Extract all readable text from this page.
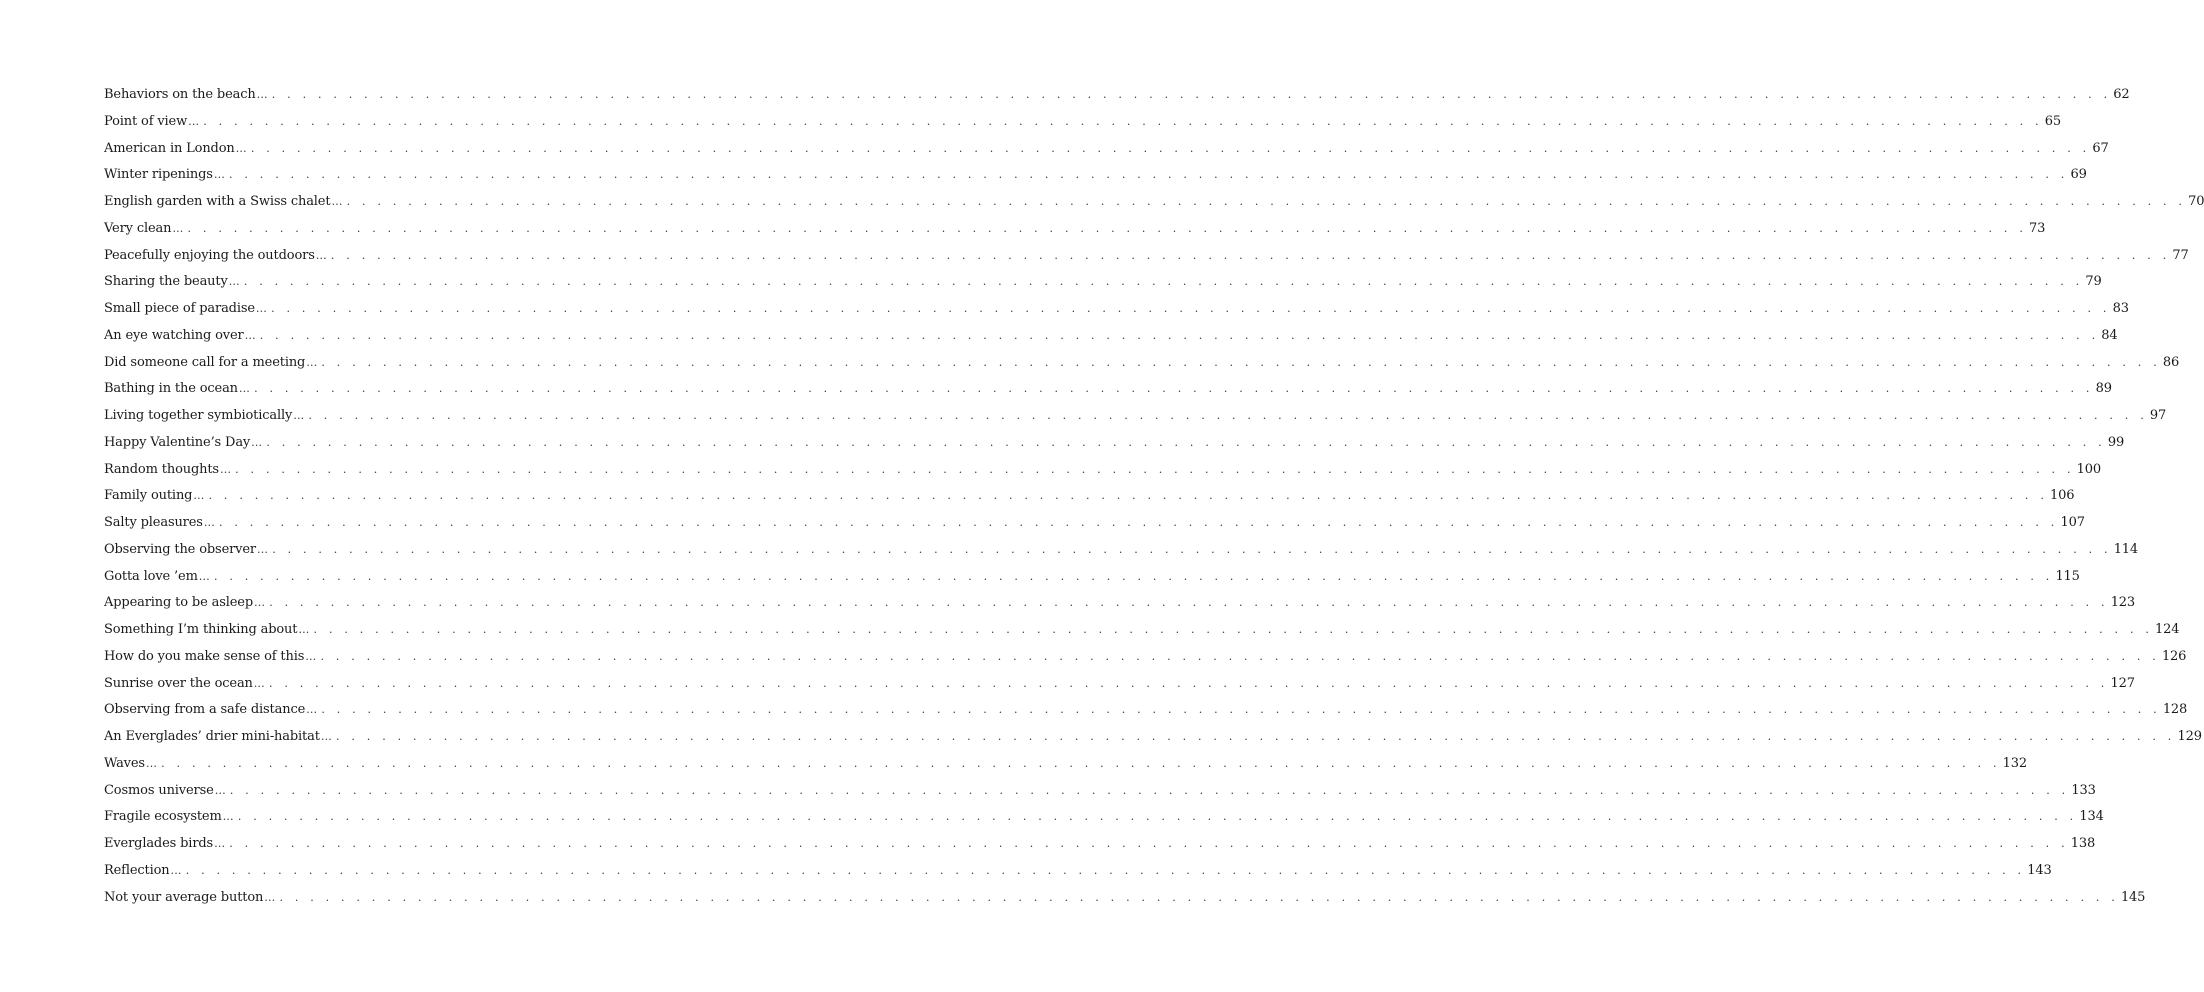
Behaviors on the beach …. . . . . . . . . . . . . . . . . . . . . . . . . . . . . . . . . . . . . . . . . . . . . . . . . . . . . . . . . . . . . . . . . . . . . . . . . . . . . . . . . . . . . . . . . . . . . . . . . . . . . . . . . . . . . . . . . . . . . . . . 62
Point of view …. . . . . . . . . . . . . . . . . . . . . . . . . . . . . . . . . . . . . . . . . . . . . . . . . . . . . . . . . . . . . . . . . . . . . . . . . . . . . . . . . . . . . . . . . . . . . . . . . . . . . . . . . . . . . . . . . . . . . . . . 65
American in London …. . . . . . . . . . . . . . . . . . . . . . . . . . . . . . . . . . . . . . . . . . . . . . . . . . . . . . . . . . . . . . . . . . . . . . . . . . . . . . . . . . . . . . . . . . . . . . . . . . . . . . . . . . . . . . . . . . . . . . . . 67
Winter ripenings …. . . . . . . . . . . . . . . . . . . . . . . . . . . . . . . . . . . . . . . . . . . . . . . . . . . . . . . . . . . . . . . . . . . . . . . . . . . . . . . . . . . . . . . . . . . . . . . . . . . . . . . . . . . . . . . . . . . . . . . . 69
English garden with a Swiss chalet …. . . . . . . . . . . . . . . . . . . . . . . . . . . . . . . . . . . . . . . . . . . . . . . . . . . . . . . . . . . . . . . . . . . . . . . . . . . . . . . . . . . . . . . . . . . . . . . . . . . . . . . . . . . . . . . . . . . . . . . . 70
Very clean …. . . . . . . . . . . . . . . . . . . . . . . . . . . . . . . . . . . . . . . . . . . . . . . . . . . . . . . . . . . . . . . . . . . . . . . . . . . . . . . . . . . . . . . . . . . . . . . . . . . . . . . . . . . . . . . . . . . . . . . . 73
Peacefully enjoying the outdoors …. . . . . . . . . . . . . . . . . . . . . . . . . . . . . . . . . . . . . . . . . . . . . . . . . . . . . . . . . . . . . . . . . . . . . . . . . . . . . . . . . . . . . . . . . . . . . . . . . . . . . . . . . . . . . . . . . . . . . . . . 77
Sharing the beauty …. . . . . . . . . . . . . . . . . . . . . . . . . . . . . . . . . . . . . . . . . . . . . . . . . . . . . . . . . . . . . . . . . . . . . . . . . . . . . . . . . . . . . . . . . . . . . . . . . . . . . . . . . . . . . . . . . . . . . . . . 79
Small piece of paradise …. . . . . . . . . . . . . . . . . . . . . . . . . . . . . . . . . . . . . . . . . . . . . . . . . . . . . . . . . . . . . . . . . . . . . . . . . . . . . . . . . . . . . . . . . . . . . . . . . . . . . . . . . . . . . . . . . . . . . . . . 83
An eye watching over …. . . . . . . . . . . . . . . . . . . . . . . . . . . . . . . . . . . . . . . . . . . . . . . . . . . . . . . . . . . . . . . . . . . . . . . . . . . . . . . . . . . . . . . . . . . . . . . . . . . . . . . . . . . . . . . . . . . . . . . . 84
Did someone call for a meeting …. . . . . . . . . . . . . . . . . . . . . . . . . . . . . . . . . . . . . . . . . . . . . . . . . . . . . . . . . . . . . . . . . . . . . . . . . . . . . . . . . . . . . . . . . . . . . . . . . . . . . . . . . . . . . . . . . . . . . . . . 86
Bathing in the ocean …. . . . . . . . . . . . . . . . . . . . . . . . . . . . . . . . . . . . . . . . . . . . . . . . . . . . . . . . . . . . . . . . . . . . . . . . . . . . . . . . . . . . . . . . . . . . . . . . . . . . . . . . . . . . . . . . . . . . . . . . 89
Living together symbiotically …. . . . . . . . . . . . . . . . . . . . . . . . . . . . . . . . . . . . . . . . . . . . . . . . . . . . . . . . . . . . . . . . . . . . . . . . . . . . . . . . . . . . . . . . . . . . . . . . . . . . . . . . . . . . . . . . . . . . . . . . 97
Happy Valentine’s Day …. . . . . . . . . . . . . . . . . . . . . . . . . . . . . . . . . . . . . . . . . . . . . . . . . . . . . . . . . . . . . . . . . . . . . . . . . . . . . . . . . . . . . . . . . . . . . . . . . . . . . . . . . . . . . . . . . . . . . . . . 99
Random thoughts …. . . . . . . . . . . . . . . . . . . . . . . . . . . . . . . . . . . . . . . . . . . . . . . . . . . . . . . . . . . . . . . . . . . . . . . . . . . . . . . . . . . . . . . . . . . . . . . . . . . . . . . . . . . . . . . . . . . . . . . . 100
Family outing …. . . . . . . . . . . . . . . . . . . . . . . . . . . . . . . . . . . . . . . . . . . . . . . . . . . . . . . . . . . . . . . . . . . . . . . . . . . . . . . . . . . . . . . . . . . . . . . . . . . . . . . . . . . . . . . . . . . . . . . . 106
Salty pleasures …. . . . . . . . . . . . . . . . . . . . . . . . . . . . . . . . . . . . . . . . . . . . . . . . . . . . . . . . . . . . . . . . . . . . . . . . . . . . . . . . . . . . . . . . . . . . . . . . . . . . . . . . . . . . . . . . . . . . . . . . 107
Observing the observer …. . . . . . . . . . . . . . . . . . . . . . . . . . . . . . . . . . . . . . . . . . . . . . . . . . . . . . . . . . . . . . . . . . . . . . . . . . . . . . . . . . . . . . . . . . . . . . . . . . . . . . . . . . . . . . . . . . . . . . . . 114
Gotta love ’em …. . . . . . . . . . . . . . . . . . . . . . . . . . . . . . . . . . . . . . . . . . . . . . . . . . . . . . . . . . . . . . . . . . . . . . . . . . . . . . . . . . . . . . . . . . . . . . . . . . . . . . . . . . . . . . . . . . . . . . . . 115
Appearing to be asleep …. . . . . . . . . . . . . . . . . . . . . . . . . . . . . . . . . . . . . . . . . . . . . . . . . . . . . . . . . . . . . . . . . . . . . . . . . . . . . . . . . . . . . . . . . . . . . . . . . . . . . . . . . . . . . . . . . . . . . . . . 123
Something I’m thinking about …. . . . . . . . . . . . . . . . . . . . . . . . . . . . . . . . . . . . . . . . . . . . . . . . . . . . . . . . . . . . . . . . . . . . . . . . . . . . . . . . . . . . . . . . . . . . . . . . . . . . . . . . . . . . . . . . . . . . . . . . 124
How do you make sense of this …. . . . . . . . . . . . . . . . . . . . . . . . . . . . . . . . . . . . . . . . . . . . . . . . . . . . . . . . . . . . . . . . . . . . . . . . . . . . . . . . . . . . . . . . . . . . . . . . . . . . . . . . . . . . . . . . . . . . . . . . 126
Sunrise over the ocean …. . . . . . . . . . . . . . . . . . . . . . . . . . . . . . . . . . . . . . . . . . . . . . . . . . . . . . . . . . . . . . . . . . . . . . . . . . . . . . . . . . . . . . . . . . . . . . . . . . . . . . . . . . . . . . . . . . . . . . . . 127
Observing from a safe distance …. . . . . . . . . . . . . . . . . . . . . . . . . . . . . . . . . . . . . . . . . . . . . . . . . . . . . . . . . . . . . . . . . . . . . . . . . . . . . . . . . . . . . . . . . . . . . . . . . . . . . . . . . . . . . . . . . . . . . . . . 128
An Everglades’ drier mini-habitat …. . . . . . . . . . . . . . . . . . . . . . . . . . . . . . . . . . . . . . . . . . . . . . . . . . . . . . . . . . . . . . . . . . . . . . . . . . . . . . . . . . . . . . . . . . . . . . . . . . . . . . . . . . . . . . . . . . . . . . . . 129
Waves …. . . . . . . . . . . . . . . . . . . . . . . . . . . . . . . . . . . . . . . . . . . . . . . . . . . . . . . . . . . . . . . . . . . . . . . . . . . . . . . . . . . . . . . . . . . . . . . . . . . . . . . . . . . . . . . . . . . . . . . . 132
Cosmos universe …. . . . . . . . . . . . . . . . . . . . . . . . . . . . . . . . . . . . . . . . . . . . . . . . . . . . . . . . . . . . . . . . . . . . . . . . . . . . . . . . . . . . . . . . . . . . . . . . . . . . . . . . . . . . . . . . . . . . . . . . 133
Fragile ecosystem …. . . . . . . . . . . . . . . . . . . . . . . . . . . . . . . . . . . . . . . . . . . . . . . . . . . . . . . . . . . . . . . . . . . . . . . . . . . . . . . . . . . . . . . . . . . . . . . . . . . . . . . . . . . . . . . . . . . . . . . . 134
Everglades birds …. . . . . . . . . . . . . . . . . . . . . . . . . . . . . . . . . . . . . . . . . . . . . . . . . . . . . . . . . . . . . . . . . . . . . . . . . . . . . . . . . . . . . . . . . . . . . . . . . . . . . . . . . . . . . . . . . . . . . . . . 138
Reflection …. . . . . . . . . . . . . . . . . . . . . . . . . . . . . . . . . . . . . . . . . . . . . . . . . . . . . . . . . . . . . . . . . . . . . . . . . . . . . . . . . . . . . . . . . . . . . . . . . . . . . . . . . . . . . . . . . . . . . . . . 143
Not your average button …. . . . . . . . . . . . . . . . . . . . . . . . . . . . . . . . . . . . . . . . . . . . . . . . . . . . . . . . . . . . . . . . . . . . . . . . . . . . . . . . . . . . . . . . . . . . . . . . . . . . . . . . . . . . . . . . . . . . . . . . 145
